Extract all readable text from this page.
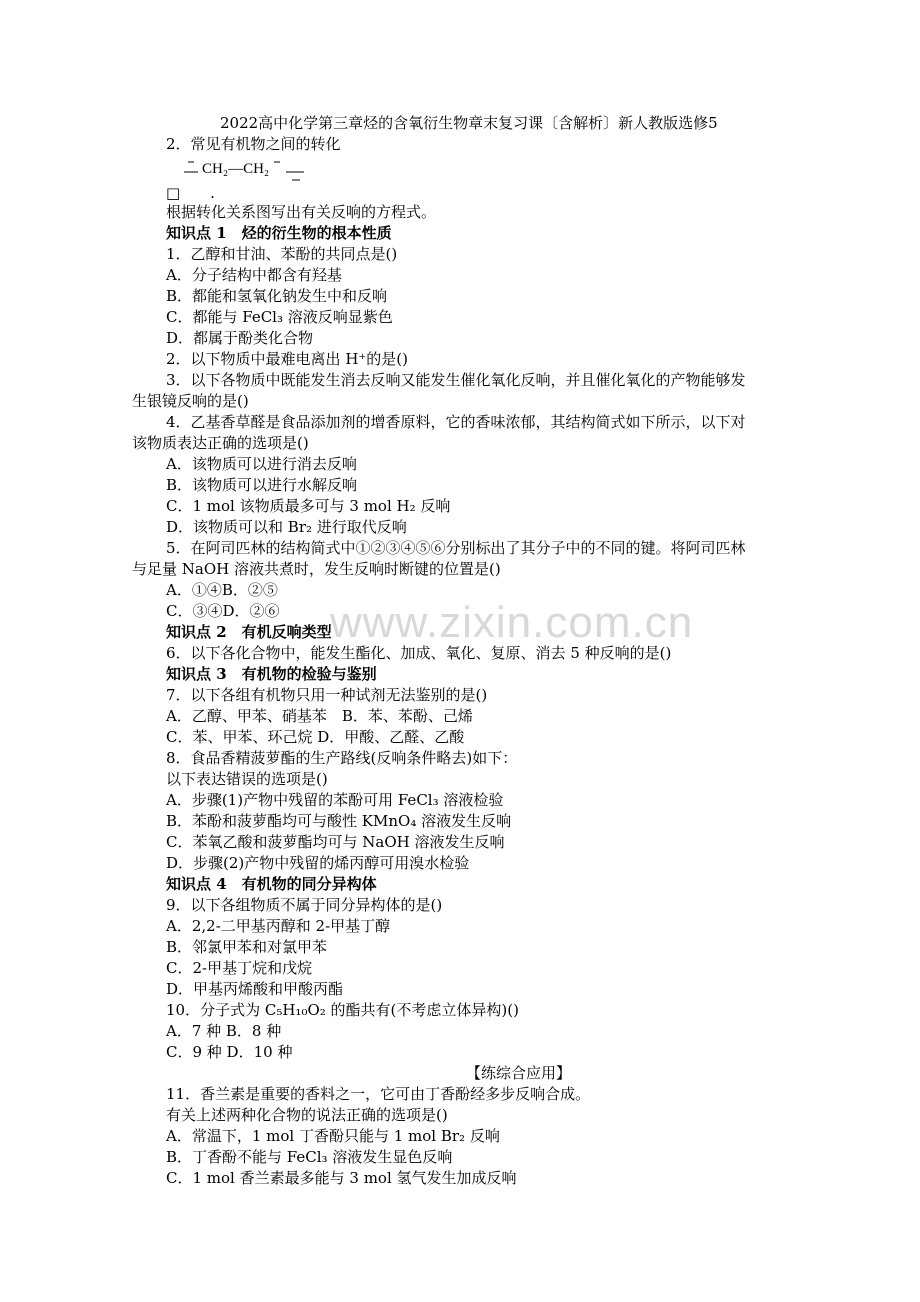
www.zixin.com.cn
2022高中化学第三章烃的含氧衍生物章末复习课〔含解析〕新人教版选修5
CH₂—CH₂
2．常见有机物之间的转化
□　　.
根据转化关系图写出有关反响的方程式。
知识点 1　烃的衍生物的根本性质
1．乙醇和甘油、苯酚的共同点是()
A．分子结构中都含有羟基
B．都能和氢氧化钠发生中和反响
C．都能与 FeCl₃ 溶液反响显紫色
D．都属于酚类化合物
2．以下物质中最难电离出 H⁺的是()
3．以下各物质中既能发生消去反响又能发生催化氧化反响，并且催化氧化的产物能够发
生银镜反响的是()
4．乙基香草醛是食品添加剂的增香原料，它的香味浓郁，其结构简式如下所示，以下对
该物质表达正确的选项是()
A．该物质可以进行消去反响
B．该物质可以进行水解反响
C．1 mol 该物质最多可与 3 mol H₂ 反响
D．该物质可以和 Br₂ 进行取代反响
5．在阿司匹林的结构简式中①②③④⑤⑥分别标出了其分子中的不同的键。将阿司匹林
与足量 NaOH 溶液共煮时，发生反响时断键的位置是()
A．①④B．②⑤
C．③④D．②⑥
知识点 2　有机反响类型
6．以下各化合物中，能发生酯化、加成、氧化、复原、消去 5 种反响的是()
知识点 3　有机物的检验与鉴别
7．以下各组有机物只用一种试剂无法鉴别的是()
A．乙醇、甲苯、硝基苯　B．苯、苯酚、己烯
C．苯、甲苯、环己烷 D．甲酸、乙醛、乙酸
8．食品香精菠萝酯的生产路线(反响条件略去)如下：
以下表达错误的选项是()
A．步骤(1)产物中残留的苯酚可用 FeCl₃ 溶液检验
B．苯酚和菠萝酯均可与酸性 KMnO₄ 溶液发生反响
C．苯氧乙酸和菠萝酯均可与 NaOH 溶液发生反响
D．步骤(2)产物中残留的烯丙醇可用溴水检验
知识点 4　有机物的同分异构体
9．以下各组物质不属于同分异构体的是()
A．2,2-二甲基丙醇和 2-甲基丁醇
B．邻氯甲苯和对氯甲苯
C．2-甲基丁烷和戊烷
D．甲基丙烯酸和甲酸丙酯
10．分子式为 C₅H₁₀O₂ 的酯共有(不考虑立体异构)()
A．7 种 B．8 种
C．9 种 D．10 种
【练综合应用】
11．香兰素是重要的香料之一，它可由丁香酚经多步反响合成。
有关上述两种化合物的说法正确的选项是()
A．常温下，1 mol 丁香酚只能与 1 mol Br₂ 反响
B．丁香酚不能与 FeCl₃ 溶液发生显色反响
C．1 mol 香兰素最多能与 3 mol 氢气发生加成反响
